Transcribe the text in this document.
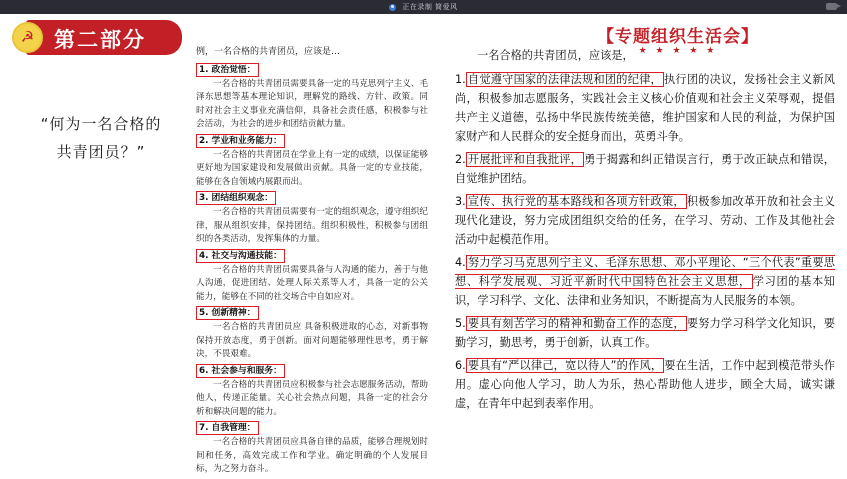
正在录制 简爱风
☭ 第二部分
“何为一名合格的
共青团员？”
【专题组织生活会】
★ ★ ★ ★ ★
例，一名合格的共青团员，应该是…
1. 政治觉悟：
一名合格的共青团员需要具备一定的马克思列宁主义、毛泽东思想等基本理论知识，理解党的路线、方针、政策。同时对社会主义事业充满信仰，具备社会责任感，积极参与社会活动，为社会的进步和团结贡献力量。
2. 学业和业务能力：
一名合格的共青团员在学业上有一定的成绩，以保证能够更好地为国家建设和发展做出贡献。具备一定的专业技能，能够在各自领域内展跟而出。
3. 团结组织观念：
一名合格的共青团员需要有一定的组织观念，遵守组织纪律，服从组织安排，保持团结。组织积极性，积极参与团组织的各类活动，发挥集体的力量。
4. 社交与沟通技能：
一名合格的共青团员需要具备与人沟通的能力，善于与他人沟通，促进团结、处理人际关系等人才，具备一定的公关能力，能够在不同的社交场合中自如应对。
5. 创新精神：
一名合格的共青团员应 具备积极进取的心态，对新事物保持开放态度，勇于创新。面对问题能够理性思考，勇于解决，不畏艰难。
6. 社会参与和服务：
一名合格的共青团员应积极参与社会志愿服务活动，帮助他人，传递正能量。关心社会热点问题，具备一定的社会分析和解决问题的能力。
7. 自我管理：
一名合格的共青团员应具备自律的品质，能够合理规划时间和任务，高效完成工作和学业。确定明确的个人发展目标，为之努力奋斗。
一名合格的共青团员，应该是，
1. 自觉遵守国家的法律法规和团的纪律， 执行团的决议，发扬社会主义新风尚，积极参加志愿服务，实践社会主义核心价值观和社会主义荣辱观，提倡共产主义道德，弘扬中华民族传统美德，维护国家和人民的利益，为保护国家财产和人民群众的安全挺身而出，英勇斗争。
2. 开展批评和自我批评， 勇于揭露和纠正错误言行，勇于改正缺点和错误，自觉维护团结。
3. 宣传、执行党的基本路线和各项方针政策， 积极参加改革开放和社会主义现代化建设，努力完成团组织交给的任务，在学习、劳动、工作及其他社会活动中起模范作用。
4. 努力学习马克思列宁主义、毛泽东思想、邓小平理论、“三个代表”重要思想、科学发展观、习近平新时代中国特色社会主义思想， 学习团的基本知识，学习科学、文化、法律和业务知识，不断提高为人民服务的本领。
5. 要具有刻苦学习的精神和勤奋工作的态度， 要努力学习科学文化知识，要勤学习，勤思考，勇于创新，认真工作。
6. 要具有“严以律己，宽以待人”的作风， 要在生活，工作中起到模范带头作用。虚心向他人学习，助人为乐，热心帮助他人进步，顾全大局，诚实谦虚，在青年中起到表率作用。
